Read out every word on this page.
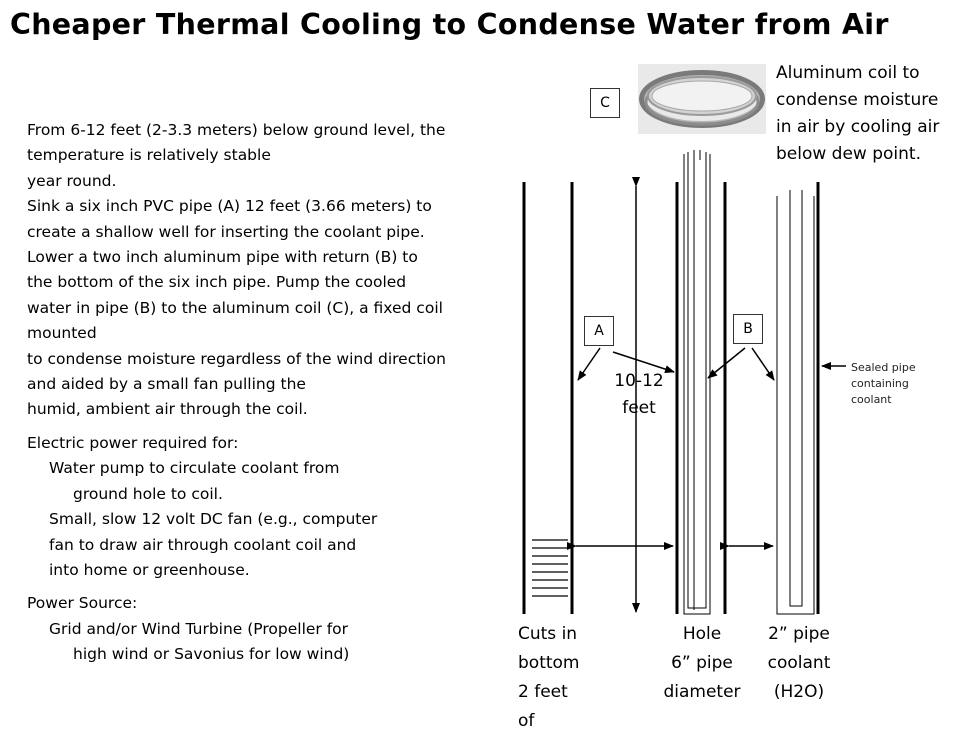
Cheaper Thermal Cooling to Condense Water from Air
From 6-12 feet (2-3.3 meters) below ground level, the
temperature is relatively stable
year round.
Sink a six inch PVC pipe (A) 12 feet (3.66 meters) to
create a shallow well for inserting the coolant pipe.
Lower a two inch aluminum pipe with return (B) to
the bottom of the six inch pipe. Pump the cooled
water in pipe (B) to the aluminum coil (C), a fixed coil
mounted
to condense moisture regardless of the wind direction
and aided by a small fan pulling the
humid, ambient air through the coil.
Electric power required for:
Water pump to circulate coolant from
ground hole to coil.
Small, slow 12 volt DC fan (e.g., computer
fan to draw air through coolant coil and
into home or greenhouse.
Power Source:
Grid and/or Wind Turbine (Propeller for
high wind or Savonius for low wind)
C
A	B
Aluminum coil to condense moisture in air by cooling air below dew point.
10-12
feet
Sealed pipe
containing
coolant
Cuts in
bottom
2 feet
of
Hole
6” pipe
diameter
2” pipe
coolant
(H2O)
